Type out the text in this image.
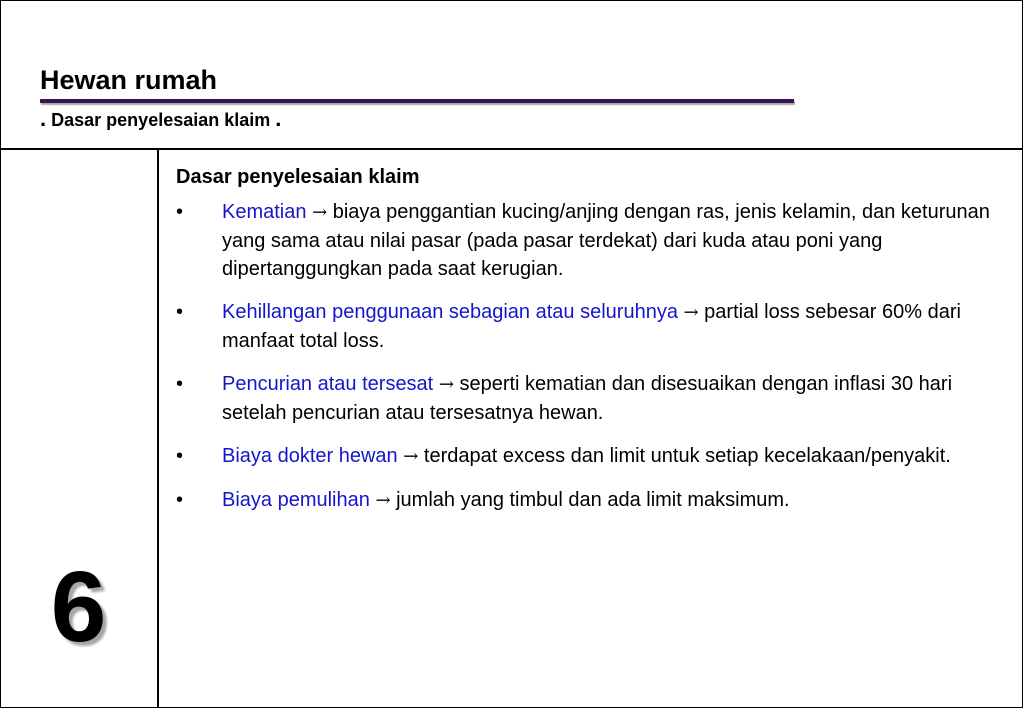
Hewan rumah
. Dasar penyelesaian klaim .
6
Dasar penyelesaian klaim
• Kematian → biaya penggantian kucing/anjing dengan ras, jenis kelamin, dan keturunan yang sama atau nilai pasar (pada pasar terdekat) dari kuda atau poni yang dipertanggungkan pada saat kerugian.
• Kehillangan penggunaan sebagian atau seluruhnya → partial loss sebesar 60% dari manfaat total loss.
• Pencurian atau tersesat → seperti kematian dan disesuaikan dengan inflasi 30 hari setelah pencurian atau tersesatnya hewan.
• Biaya dokter hewan → terdapat excess dan limit untuk setiap kecelakaan/penyakit.
• Biaya pemulihan → jumlah yang timbul dan ada limit maksimum.
